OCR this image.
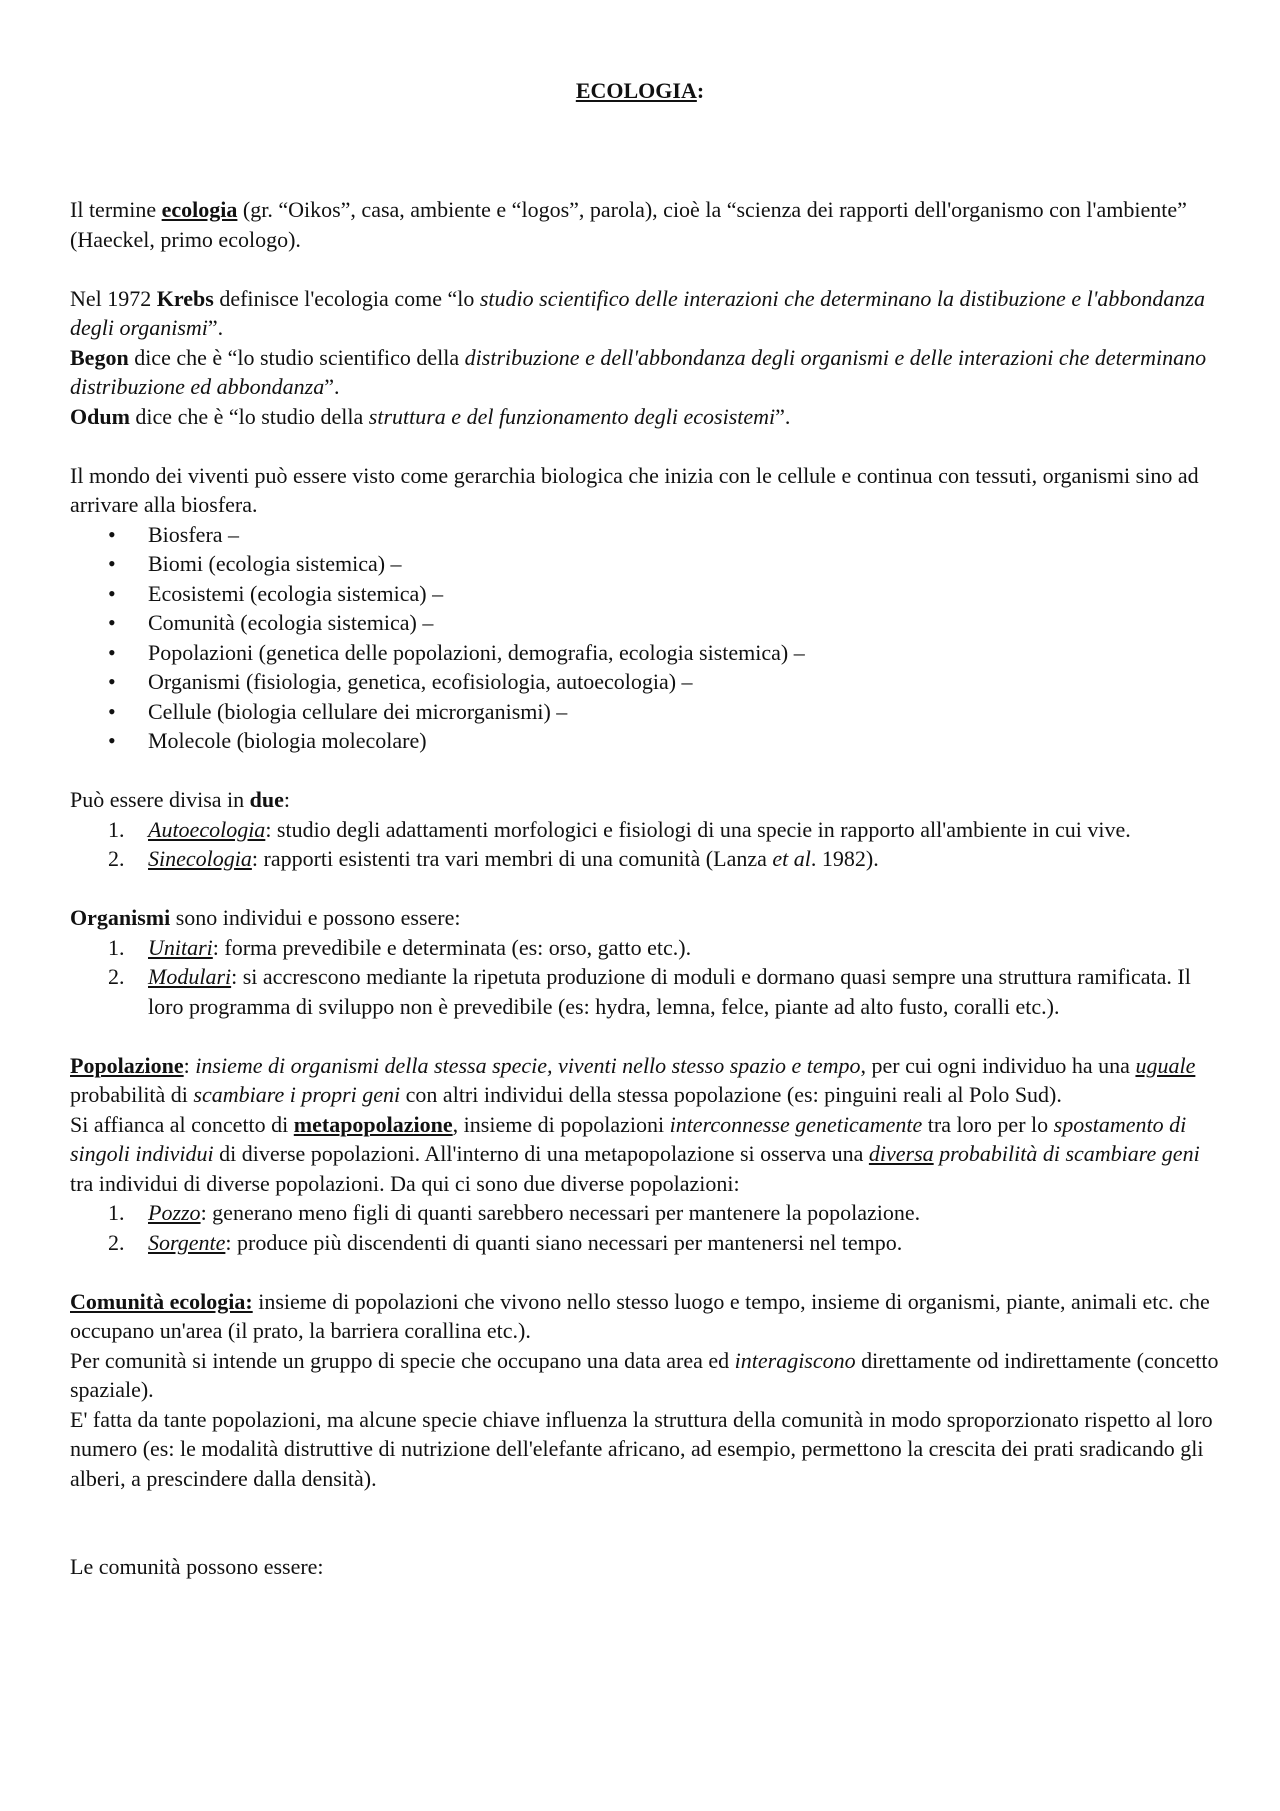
ECOLOGIA:

Il termine ecologia (gr. “Oikos”, casa, ambiente e “logos”, parola), cioè la “scienza dei rapporti dell'organismo con l'ambiente” (Haeckel, primo ecologo).

Nel 1972 Krebs definisce l'ecologia come “lo studio scientifico delle interazioni che determinano la distibuzione e l'abbondanza degli organismi”.

Begon dice che è “lo studio scientifico della distribuzione e dell'abbondanza degli organismi e delle interazioni che determinano distribuzione ed abbondanza”.

Odum dice che è “lo studio della struttura e del funzionamento degli ecosistemi”.

Il mondo dei viventi può essere visto come gerarchia biologica che inizia con le cellule e continua con tessuti, organismi sino ad arrivare alla biosfera.

• Biosfera –
• Biomi (ecologia sistemica) –
• Ecosistemi (ecologia sistemica) –
• Comunità (ecologia sistemica) –
• Popolazioni (genetica delle popolazioni, demografia, ecologia sistemica) –
• Organismi (fisiologia, genetica, ecofisiologia, autoecologia) –
• Cellule (biologia cellulare dei microrganismi) –
• Molecole (biologia molecolare)

Può essere divisa in due:

1. Autoecologia: studio degli adattamenti morfologici e fisiologi di una specie in rapporto all'ambiente in cui vive.
2. Sinecologia: rapporti esistenti tra vari membri di una comunità (Lanza et al. 1982).

Organismi sono individui e possono essere:

1. Unitari: forma prevedibile e determinata (es: orso, gatto etc.).
2. Modulari: si accrescono mediante la ripetuta produzione di moduli e dormano quasi sempre una struttura ramificata. Il loro programma di sviluppo non è prevedibile (es: hydra, lemna, felce, piante ad alto fusto, coralli etc.).

Popolazione: insieme di organismi della stessa specie, viventi nello stesso spazio e tempo, per cui ogni individuo ha una uguale probabilità di scambiare i propri geni con altri individui della stessa popolazione (es: pinguini reali al Polo Sud).

Si affianca al concetto di metapopolazione, insieme di popolazioni interconnesse geneticamente tra loro per lo spostamento di singoli individui di diverse popolazioni. All'interno di una metapopolazione si osserva una diversa probabilità di scambiare geni tra individui di diverse popolazioni. Da qui ci sono due diverse popolazioni:

1. Pozzo: generano meno figli di quanti sarebbero necessari per mantenere la popolazione.
2. Sorgente: produce più discendenti di quanti siano necessari per mantenersi nel tempo.

Comunità ecologia: insieme di popolazioni che vivono nello stesso luogo e tempo, insieme di organismi, piante, animali etc. che occupano un'area (il prato, la barriera corallina etc.).

Per comunità si intende un gruppo di specie che occupano una data area ed interagiscono direttamente od indirettamente (concetto spaziale).

E' fatta da tante popolazioni, ma alcune specie chiave influenza la struttura della comunità in modo sproporzionato rispetto al loro numero (es: le modalità distruttive di nutrizione dell'elefante africano, ad esempio, permettono la crescita dei prati sradicando gli alberi, a prescindere dalla densità).

Le comunità possono essere:
